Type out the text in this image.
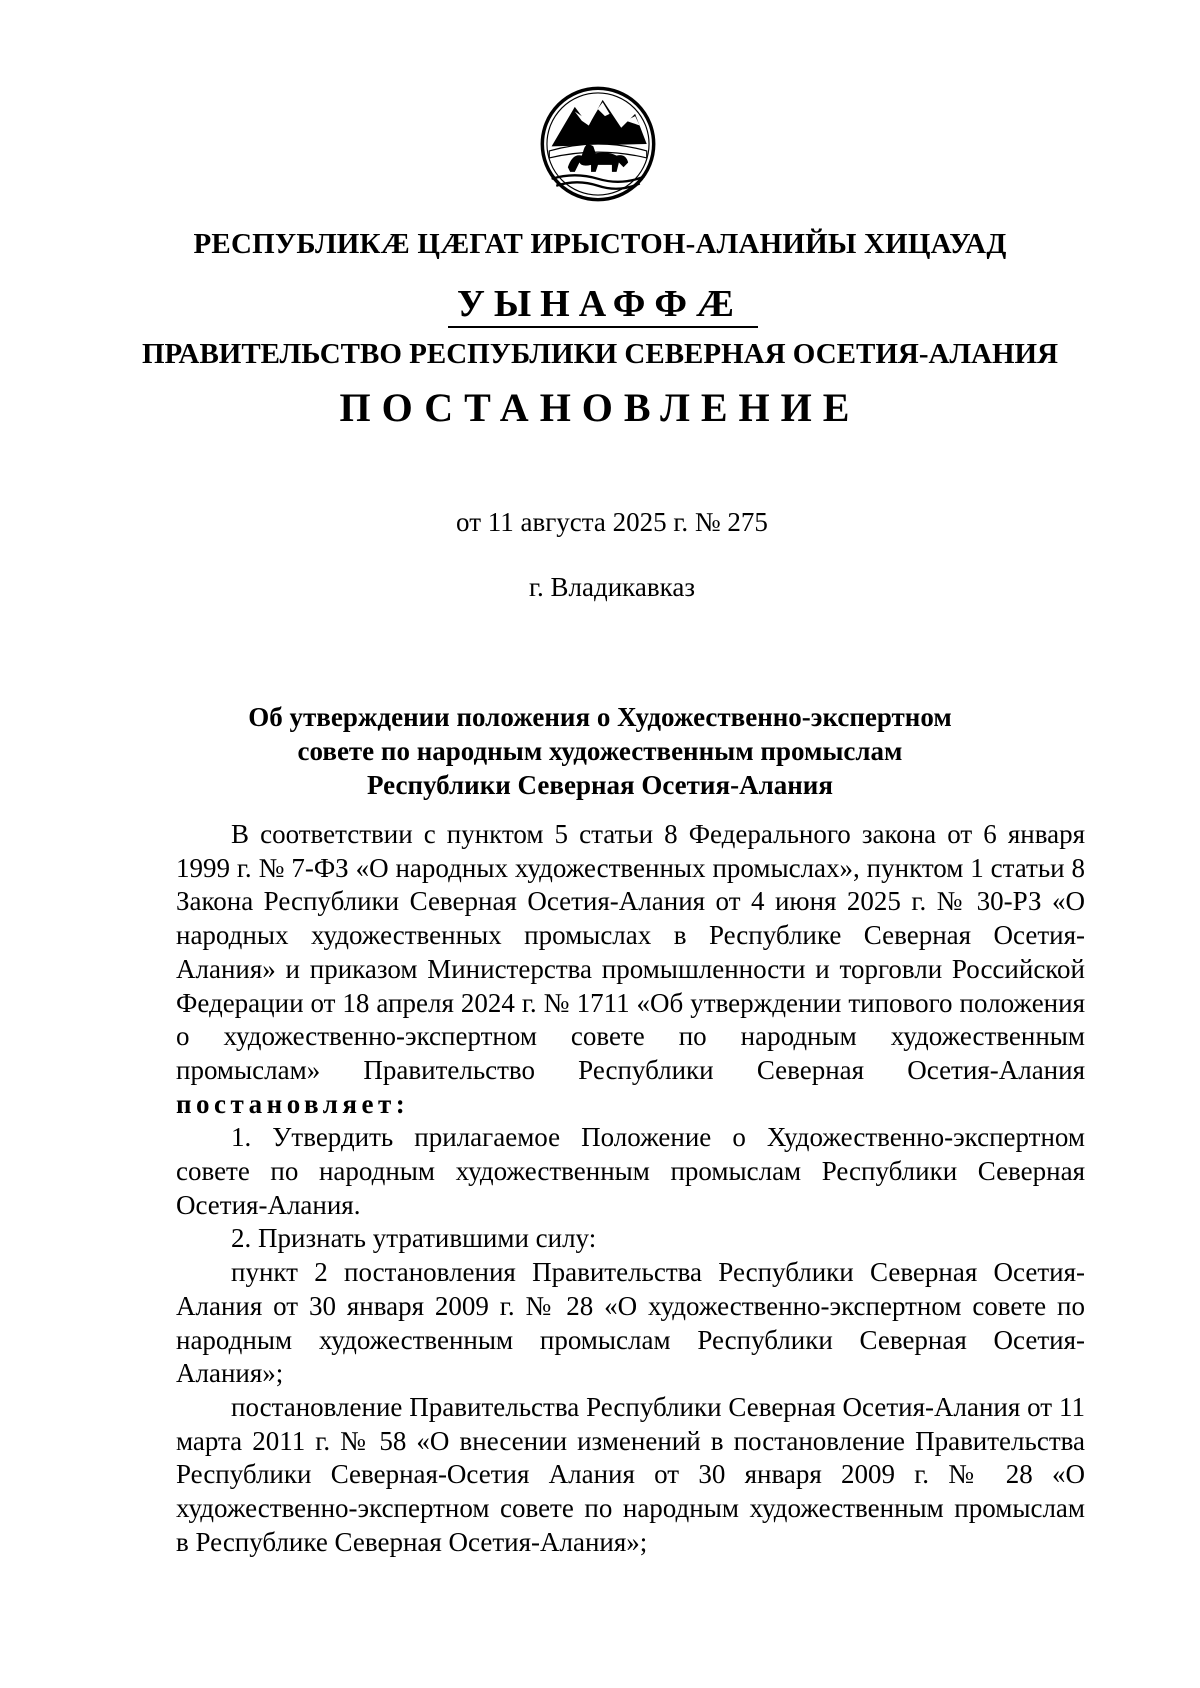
РЕСПУБЛИКÆ ЦÆГАТ ИРЫСТОН-АЛАНИЙЫ ХИЦАУАД
УЫНАФФÆ
ПРАВИТЕЛЬСТВО РЕСПУБЛИКИ СЕВЕРНАЯ ОСЕТИЯ-АЛАНИЯ
ПОСТАНОВЛЕНИЕ
от 11 августа 2025 г. № 275
г. Владикавказ
Об утверждении положения о Художественно-экспертном
совете по народным художественным промыслам
Республики Северная Осетия-Алания

В соответствии с пунктом 5 статьи 8 Федерального закона от 6 января 1999 г. № 7-ФЗ «О народных художественных промыслах», пунктом 1 статьи 8 Закона Республики Северная Осетия-Алания от 4 июня 2025 г. № 30-РЗ «О народных художественных промыслах в Республике Северная Осетия-Алания» и приказом Министерства промышленности и торговли Российской Федерации от 18 апреля 2024 г. № 1711 «Об утверждении типового положения о художественно-экспертном совете по народным художественным промыслам» Правительство Республики Северная Осетия-Алания постановляет:

1. Утвердить прилагаемое Положение о Художественно-экспертном совете по народным художественным промыслам Республики Северная Осетия-Алания.

2. Признать утратившими силу:

пункт 2 постановления Правительства Республики Северная Осетия-Алания от 30 января 2009 г. № 28 «О художественно-экспертном совете по народным художественным промыслам Республики Северная Осетия-Алания»;

постановление Правительства Республики Северная Осетия-Алания от 11 марта 2011 г. № 58 «О внесении изменений в постановление Правительства Республики Северная-Осетия Алания от 30 января 2009 г. № 28 «О художественно-экспертном совете по народным художественным промыслам в Республике Северная Осетия-Алания»;
